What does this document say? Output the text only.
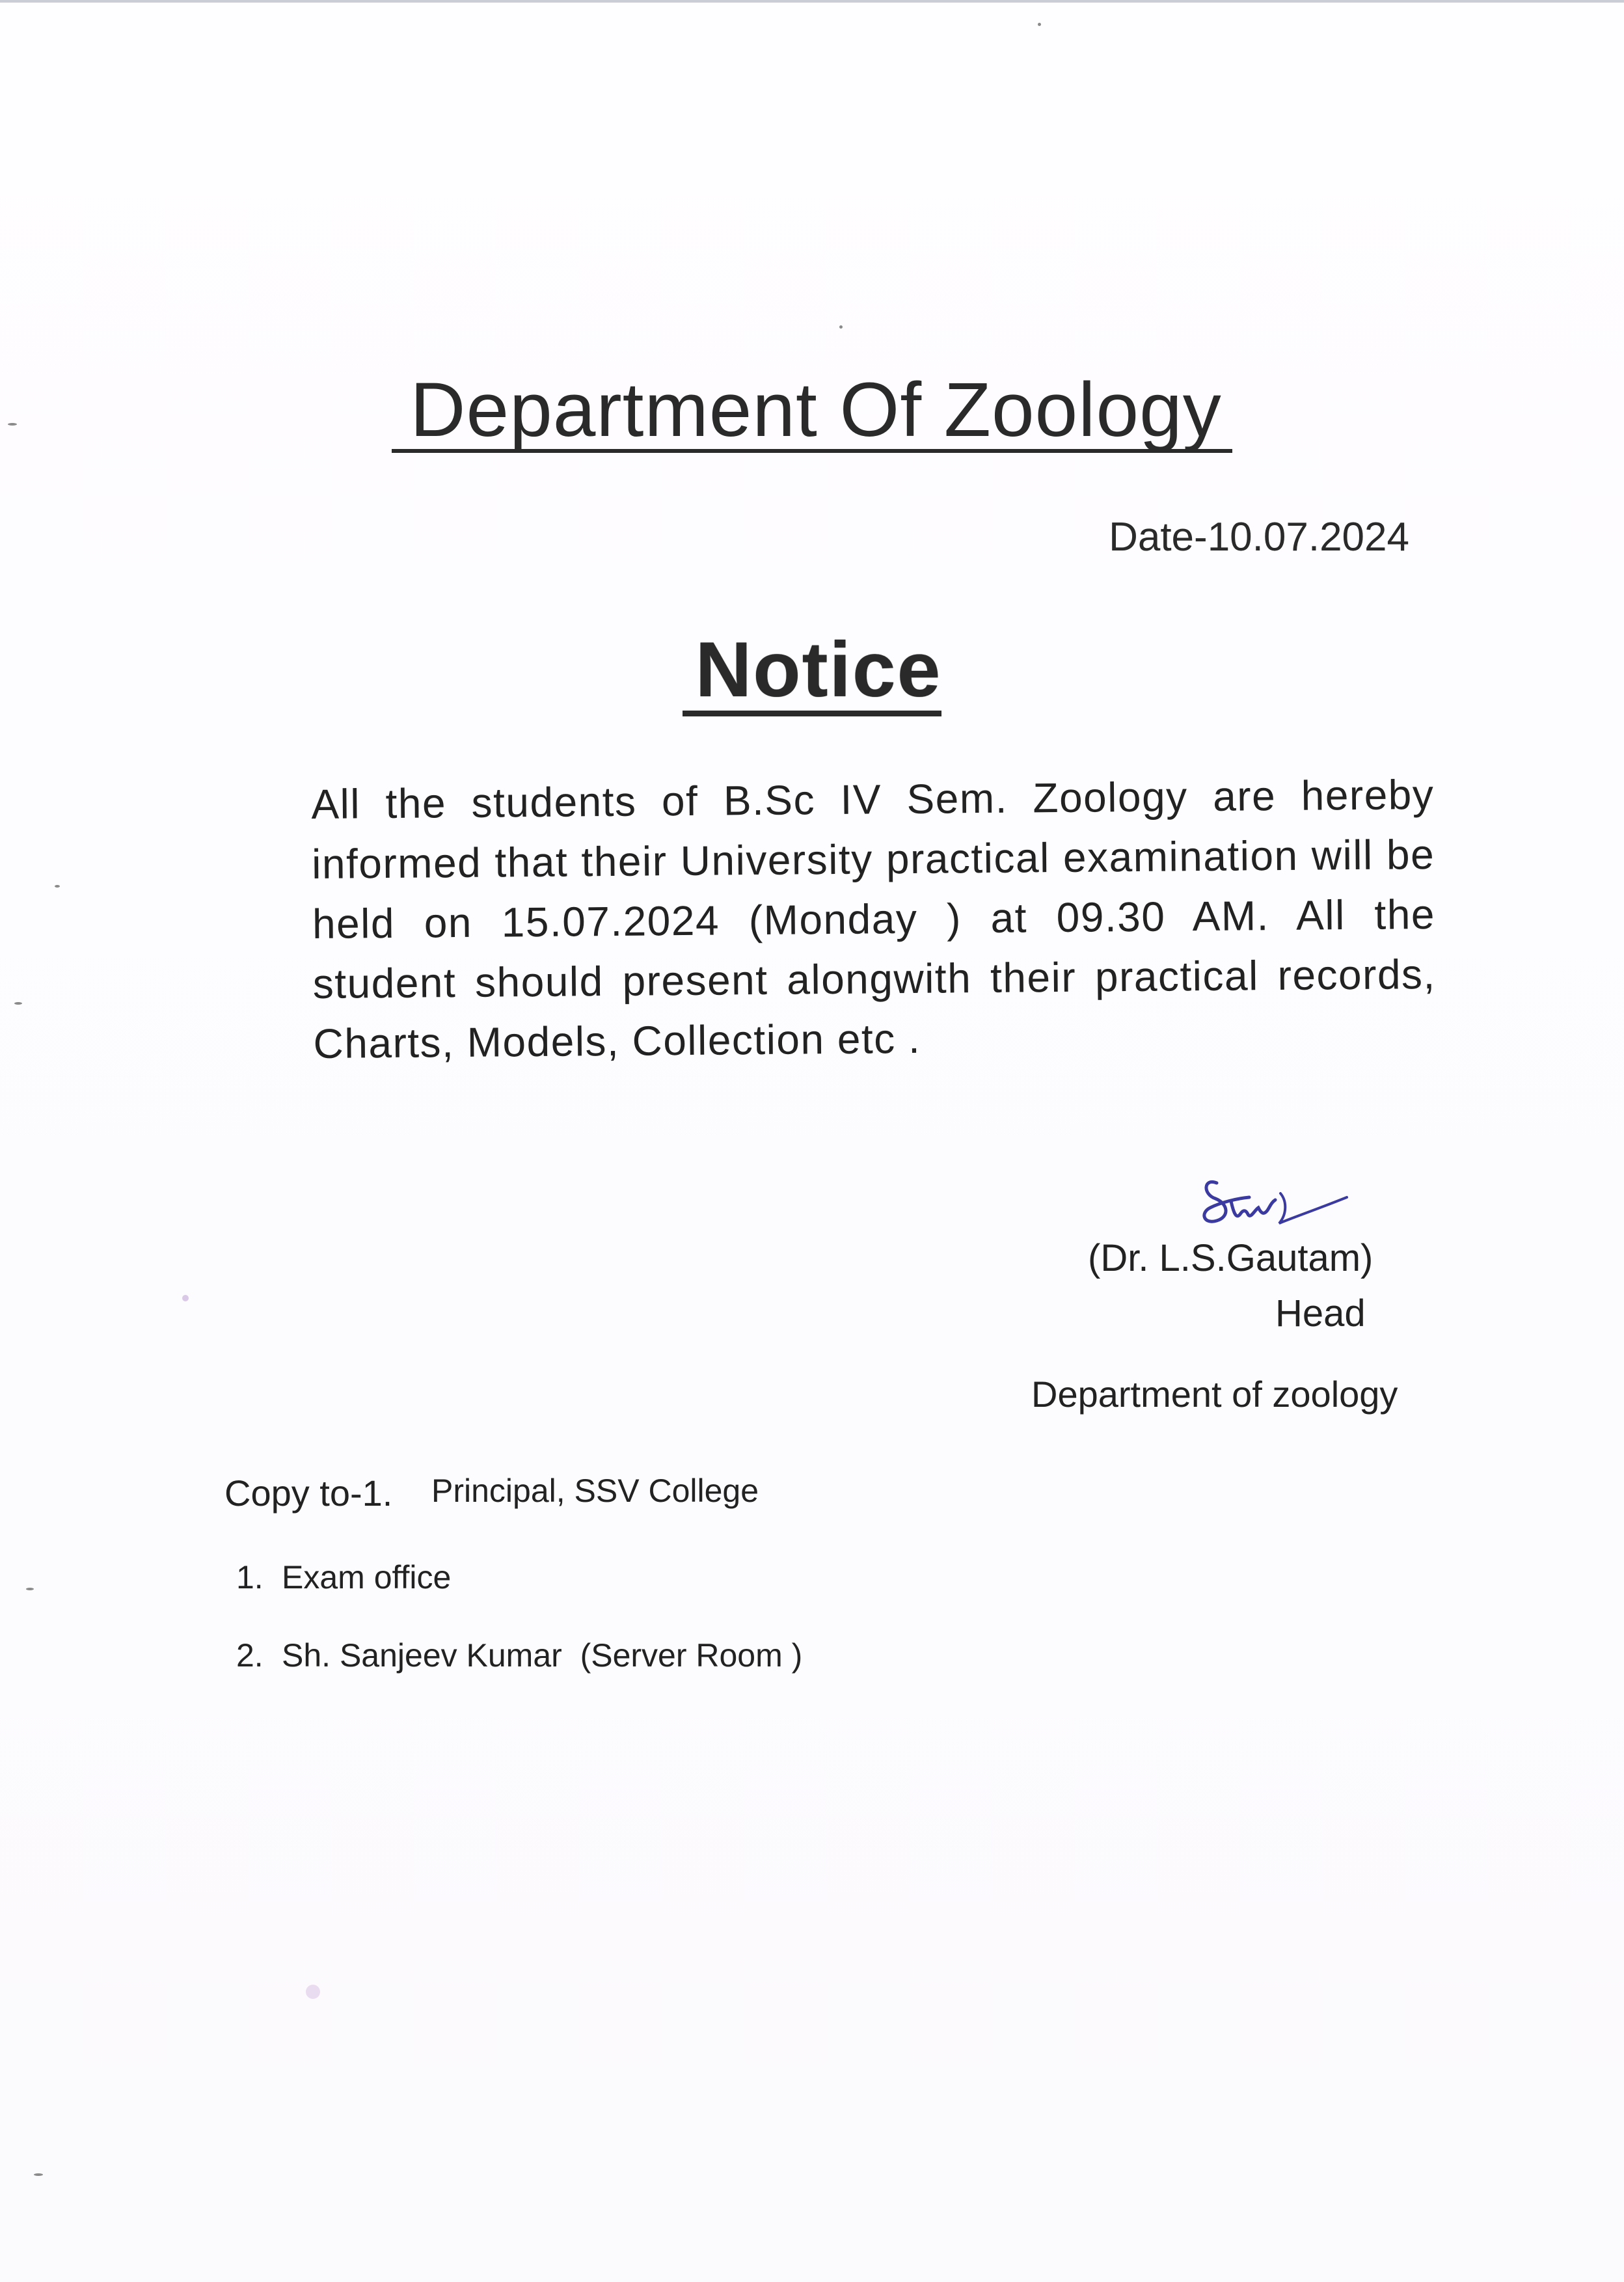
Department Of Zoology
Date-10.07.2024
Notice
All the students of B.Sc IV Sem. Zoology are hereby informed that their University practical examination will be held on 15.07.2024 (Monday ) at 09.30 AM. All the student should present alongwith their practical records, Charts, Models, Collection etc .
(Dr. L.S.Gautam)
Head
Department of zoology
Copy to-1. Principal, SSV College
1. Exam office
2. Sh. Sanjeev Kumar  (Server Room )
